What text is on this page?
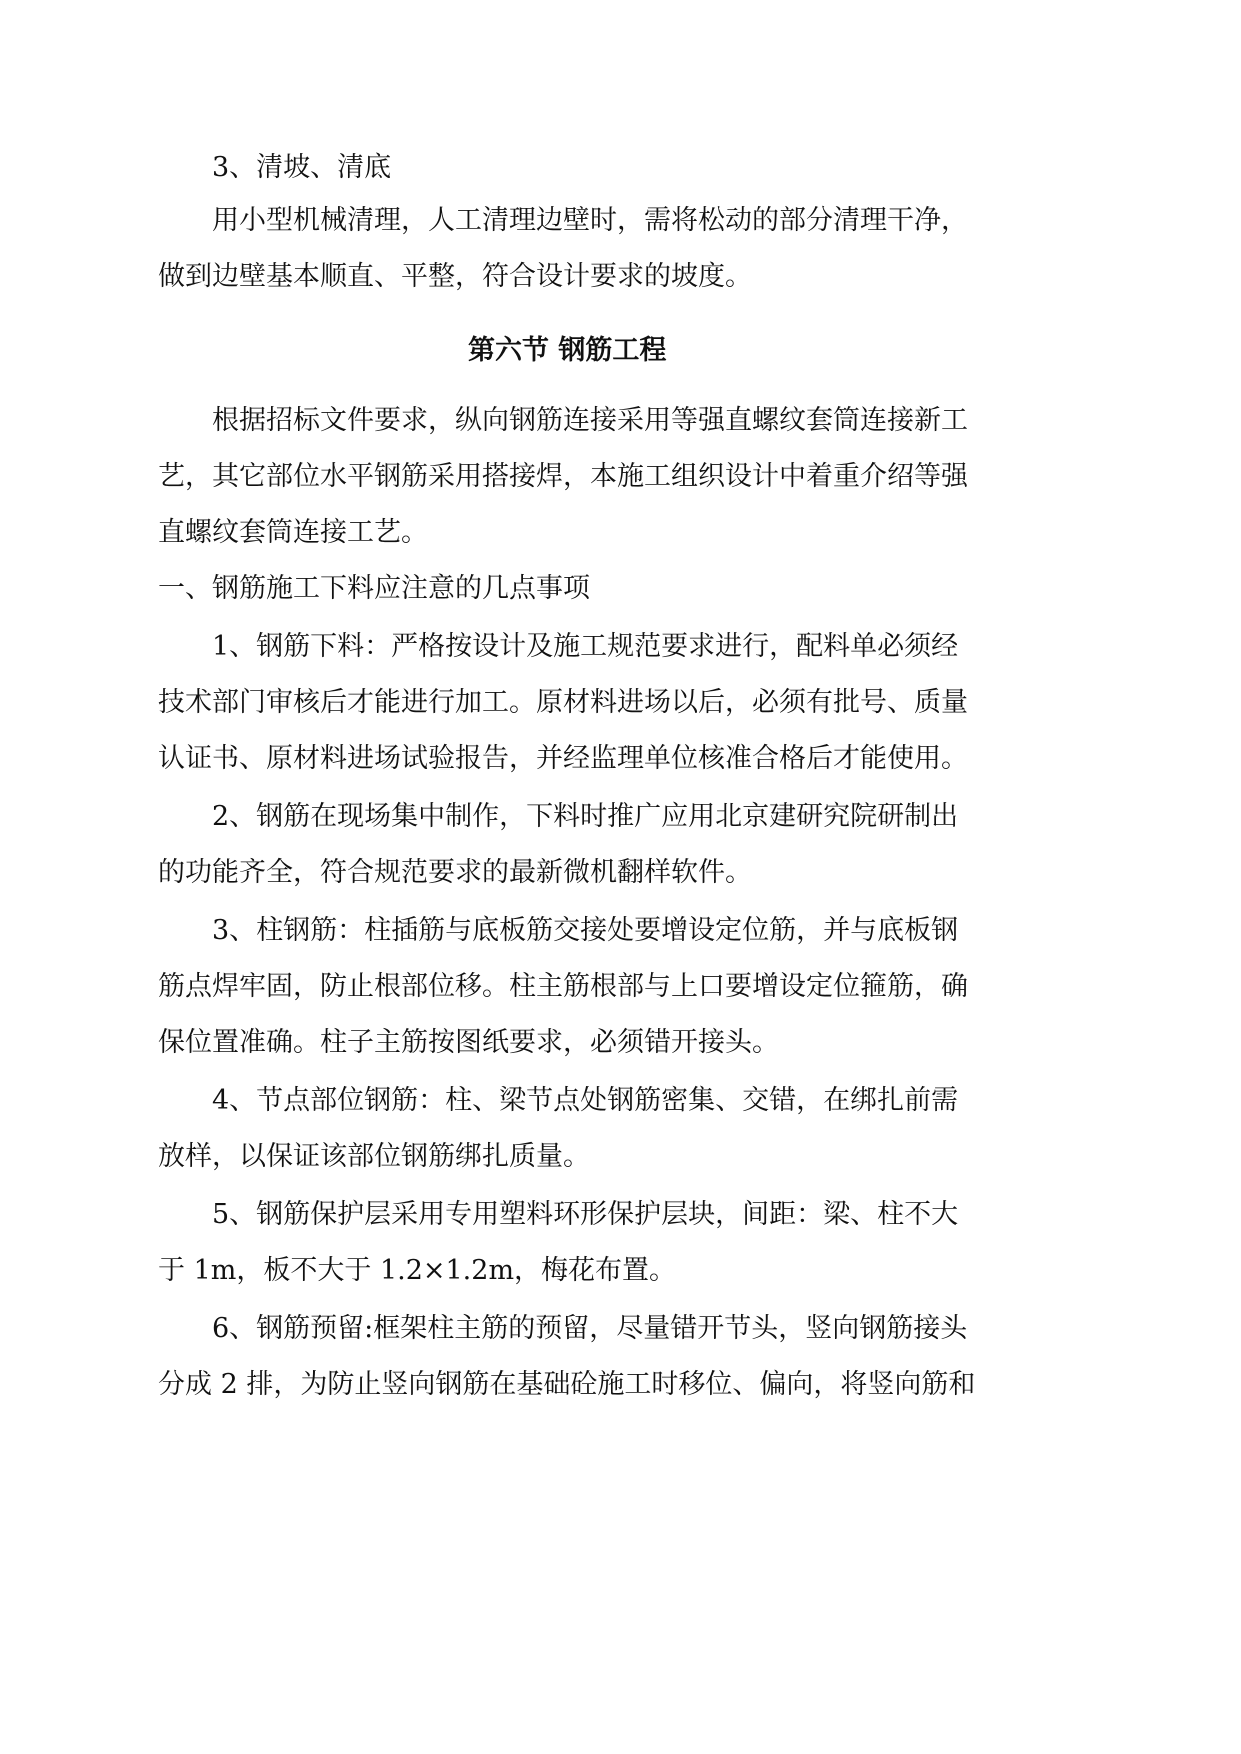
3、清坡、清底

用小型机械清理，人工清理边壁时，需将松动的部分清理干净，

做到边壁基本顺直、平整，符合设计要求的坡度。

第六节 钢筋工程

根据招标文件要求，纵向钢筋连接采用等强直螺纹套筒连接新工

艺，其它部位水平钢筋采用搭接焊，本施工组织设计中着重介绍等强

直螺纹套筒连接工艺。

一、钢筋施工下料应注意的几点事项

1、钢筋下料：严格按设计及施工规范要求进行，配料单必须经

技术部门审核后才能进行加工。原材料进场以后，必须有批号、质量

认证书、原材料进场试验报告，并经监理单位核准合格后才能使用。

2、钢筋在现场集中制作，下料时推广应用北京建研究院研制出

的功能齐全，符合规范要求的最新微机翻样软件。

3、柱钢筋：柱插筋与底板筋交接处要增设定位筋，并与底板钢

筋点焊牢固，防止根部位移。柱主筋根部与上口要增设定位箍筋，确

保位置准确。柱子主筋按图纸要求，必须错开接头。

4、节点部位钢筋：柱、梁节点处钢筋密集、交错，在绑扎前需

放样，以保证该部位钢筋绑扎质量。

5、钢筋保护层采用专用塑料环形保护层块，间距：梁、柱不大

于 1m，板不大于 1.2×1.2m，梅花布置。

6、钢筋预留:框架柱主筋的预留，尽量错开节头，竖向钢筋接头

分成 2 排，为防止竖向钢筋在基础砼施工时移位、偏向，将竖向筋和
